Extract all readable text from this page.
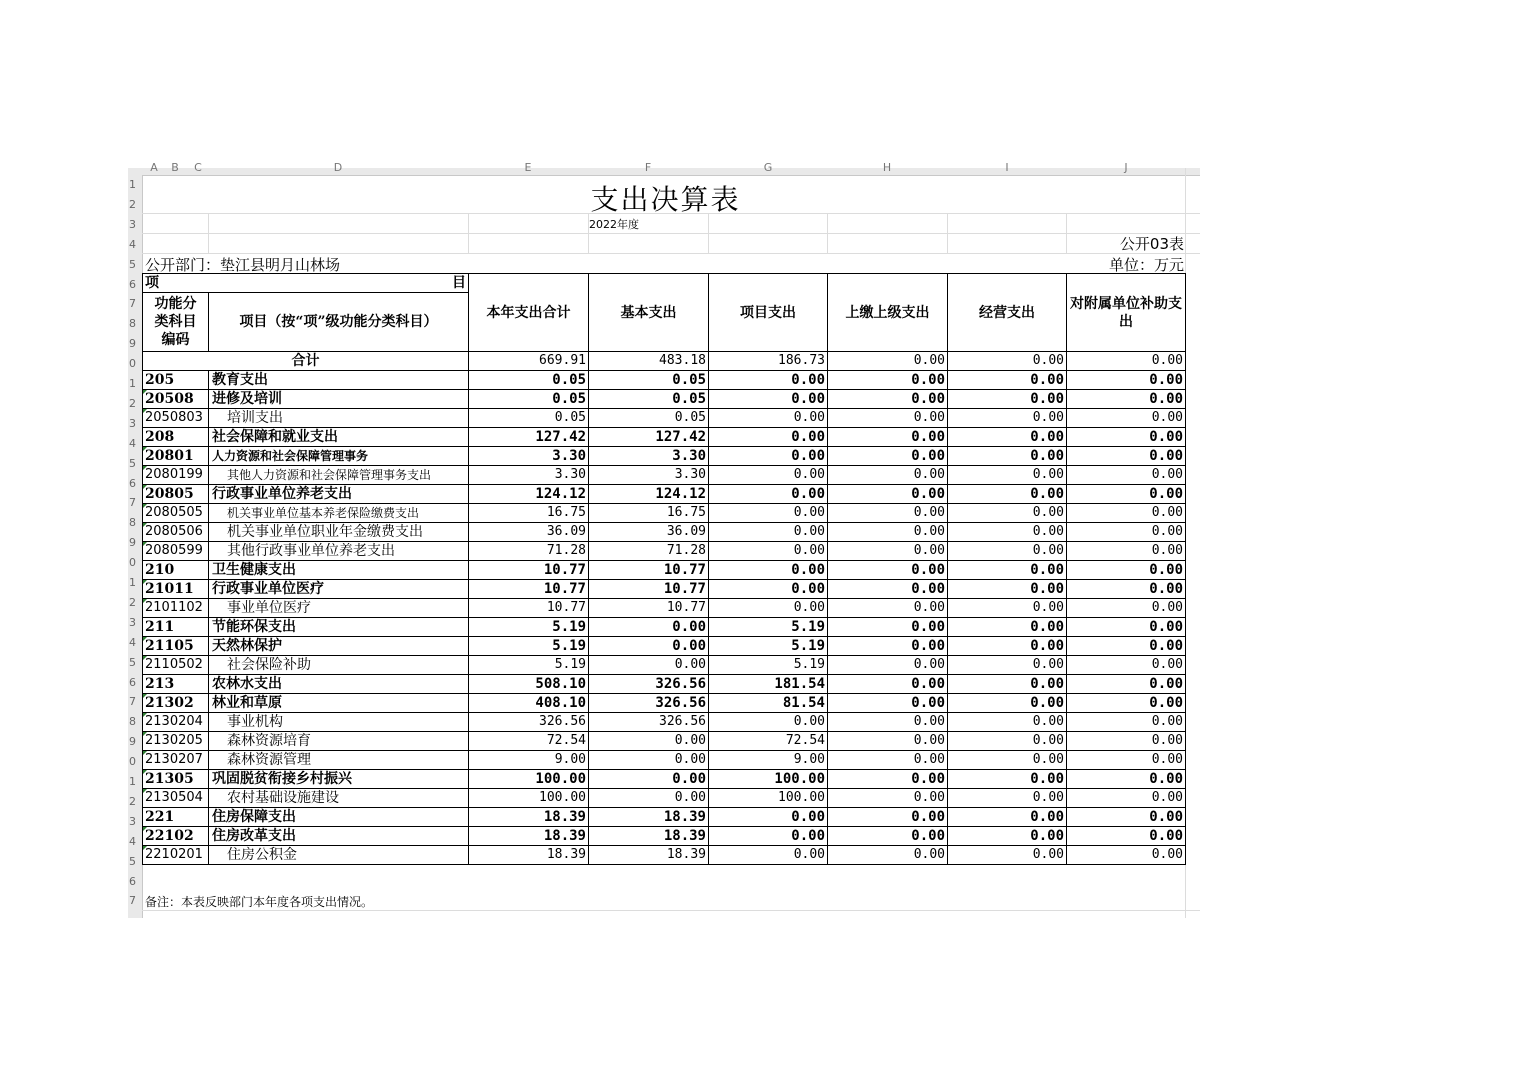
A B C	D	E	F	G	H	I	J
1
2
3
4
5
6
7
8
9
0
1
2
3
4
5
6
7
8
9
0
1
2
3
4
5
6
7
8
9
0
1
2
3
4
5
6
7
支出决算表
2022年度
公开03表
公开部门：垫江县明月山林场	单位：万元
项 目		本年支出合计	基本支出	项目支出	上缴上级支出	经营支出	对附属单位补助支出
功能分类科目编码	项目（按“项”级功能分类科目）						
合计		669.91	483.18	186.73	0.00	0.00	0.00
205	教育支出	0.05	0.05	0.00	0.00	0.00	0.00
20508	进修及培训	0.05	0.05	0.00	0.00	0.00	0.00
2050803	培训支出	0.05	0.05	0.00	0.00	0.00	0.00
208	社会保障和就业支出	127.42	127.42	0.00	0.00	0.00	0.00
20801	人力资源和社会保障管理事务	3.30	3.30	0.00	0.00	0.00	0.00
2080199	其他人力资源和社会保障管理事务支出	3.30	3.30	0.00	0.00	0.00	0.00
20805	行政事业单位养老支出	124.12	124.12	0.00	0.00	0.00	0.00
2080505	机关事业单位基本养老保险缴费支出	16.75	16.75	0.00	0.00	0.00	0.00
2080506	机关事业单位职业年金缴费支出	36.09	36.09	0.00	0.00	0.00	0.00
2080599	其他行政事业单位养老支出	71.28	71.28	0.00	0.00	0.00	0.00
210	卫生健康支出	10.77	10.77	0.00	0.00	0.00	0.00
21011	行政事业单位医疗	10.77	10.77	0.00	0.00	0.00	0.00
2101102	事业单位医疗	10.77	10.77	0.00	0.00	0.00	0.00
211	节能环保支出	5.19	0.00	5.19	0.00	0.00	0.00
21105	天然林保护	5.19	0.00	5.19	0.00	0.00	0.00
2110502	社会保险补助	5.19	0.00	5.19	0.00	0.00	0.00
213	农林水支出	508.10	326.56	181.54	0.00	0.00	0.00
21302	林业和草原	408.10	326.56	81.54	0.00	0.00	0.00
2130204	事业机构	326.56	326.56	0.00	0.00	0.00	0.00
2130205	森林资源培育	72.54	0.00	72.54	0.00	0.00	0.00
2130207	森林资源管理	9.00	0.00	9.00	0.00	0.00	0.00
21305	巩固脱贫衔接乡村振兴	100.00	0.00	100.00	0.00	0.00	0.00
2130504	农村基础设施建设	100.00	0.00	100.00	0.00	0.00	0.00
221	住房保障支出	18.39	18.39	0.00	0.00	0.00	0.00
22102	住房改革支出	18.39	18.39	0.00	0.00	0.00	0.00
2210201	住房公积金	18.39	18.39	0.00	0.00	0.00	0.00
备注：本表反映部门本年度各项支出情况。
